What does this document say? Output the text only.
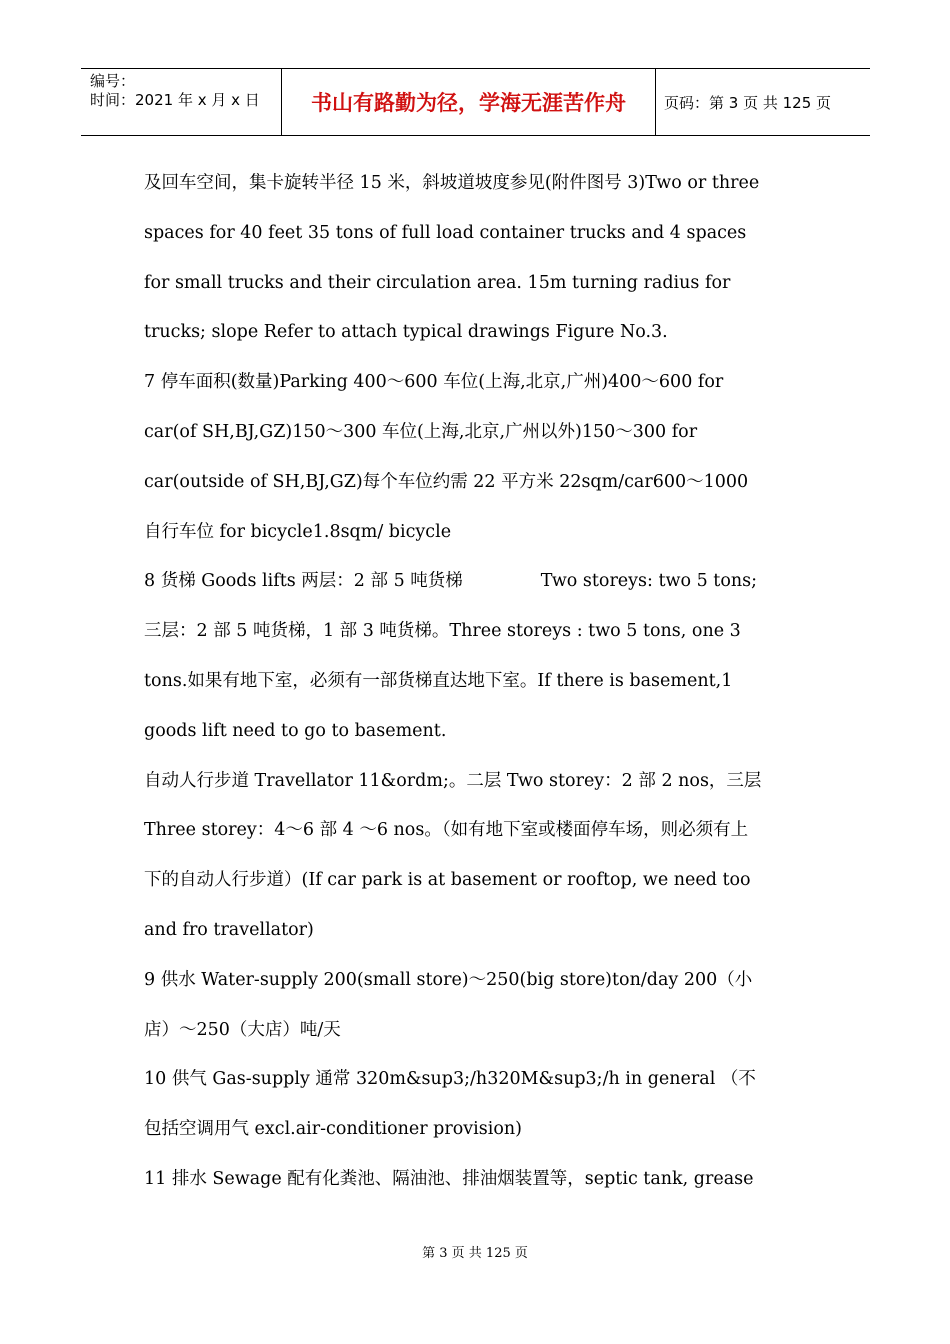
编号：
时间：2021 年 x 月 x 日	书山有路勤为径，学海无涯苦作舟	页码：第 3 页 共 125 页
及回车空间，集卡旋转半径 15 米，斜坡道坡度参见(附件图号 3)Two or three
spaces for 40 feet 35 tons of full load container trucks and 4 spaces
for small trucks and their circulation area. 15m turning radius for
trucks; slope Refer to attach typical drawings Figure No.3.
7 停车面积(数量)Parking 400～600 车位(上海,北京,广州)400～600 for
car(of SH,BJ,GZ)150～300 车位(上海,北京,广州以外)150～300 for
car(outside of SH,BJ,GZ)每个车位约需 22 平方米 22sqm/car600～1000
自行车位 for bicycle1.8sqm/ bicycle
8 货梯 Goods lifts 两层：2 部 5 吨货梯	Two storeys: two 5 tons;
三层：2 部 5 吨货梯，1 部 3 吨货梯。Three storeys : two 5 tons, one 3
tons.如果有地下室，必须有一部货梯直达地下室。If there is basement,1
goods lift need to go to basement.
自动人行步道 Travellator 11&ordm;。二层 Two storey：2 部 2 nos，三层
Three storey：4～6 部 4 ～6 nos。（如有地下室或楼面停车场，则必须有上
下的自动人行步道）(If car park is at basement or rooftop, we need too
and fro travellator)
9 供水 Water-supply 200(small store)～250(big store)ton/day 200（小
店）～250（大店）吨/天
10 供气 Gas-supply 通常 320m&sup3;/h320M&sup3;/h in general （不
包括空调用气 excl.air-conditioner provision)
11 排水 Sewage 配有化粪池、隔油池、排油烟装置等，septic tank, grease
第 3 页 共 125 页
